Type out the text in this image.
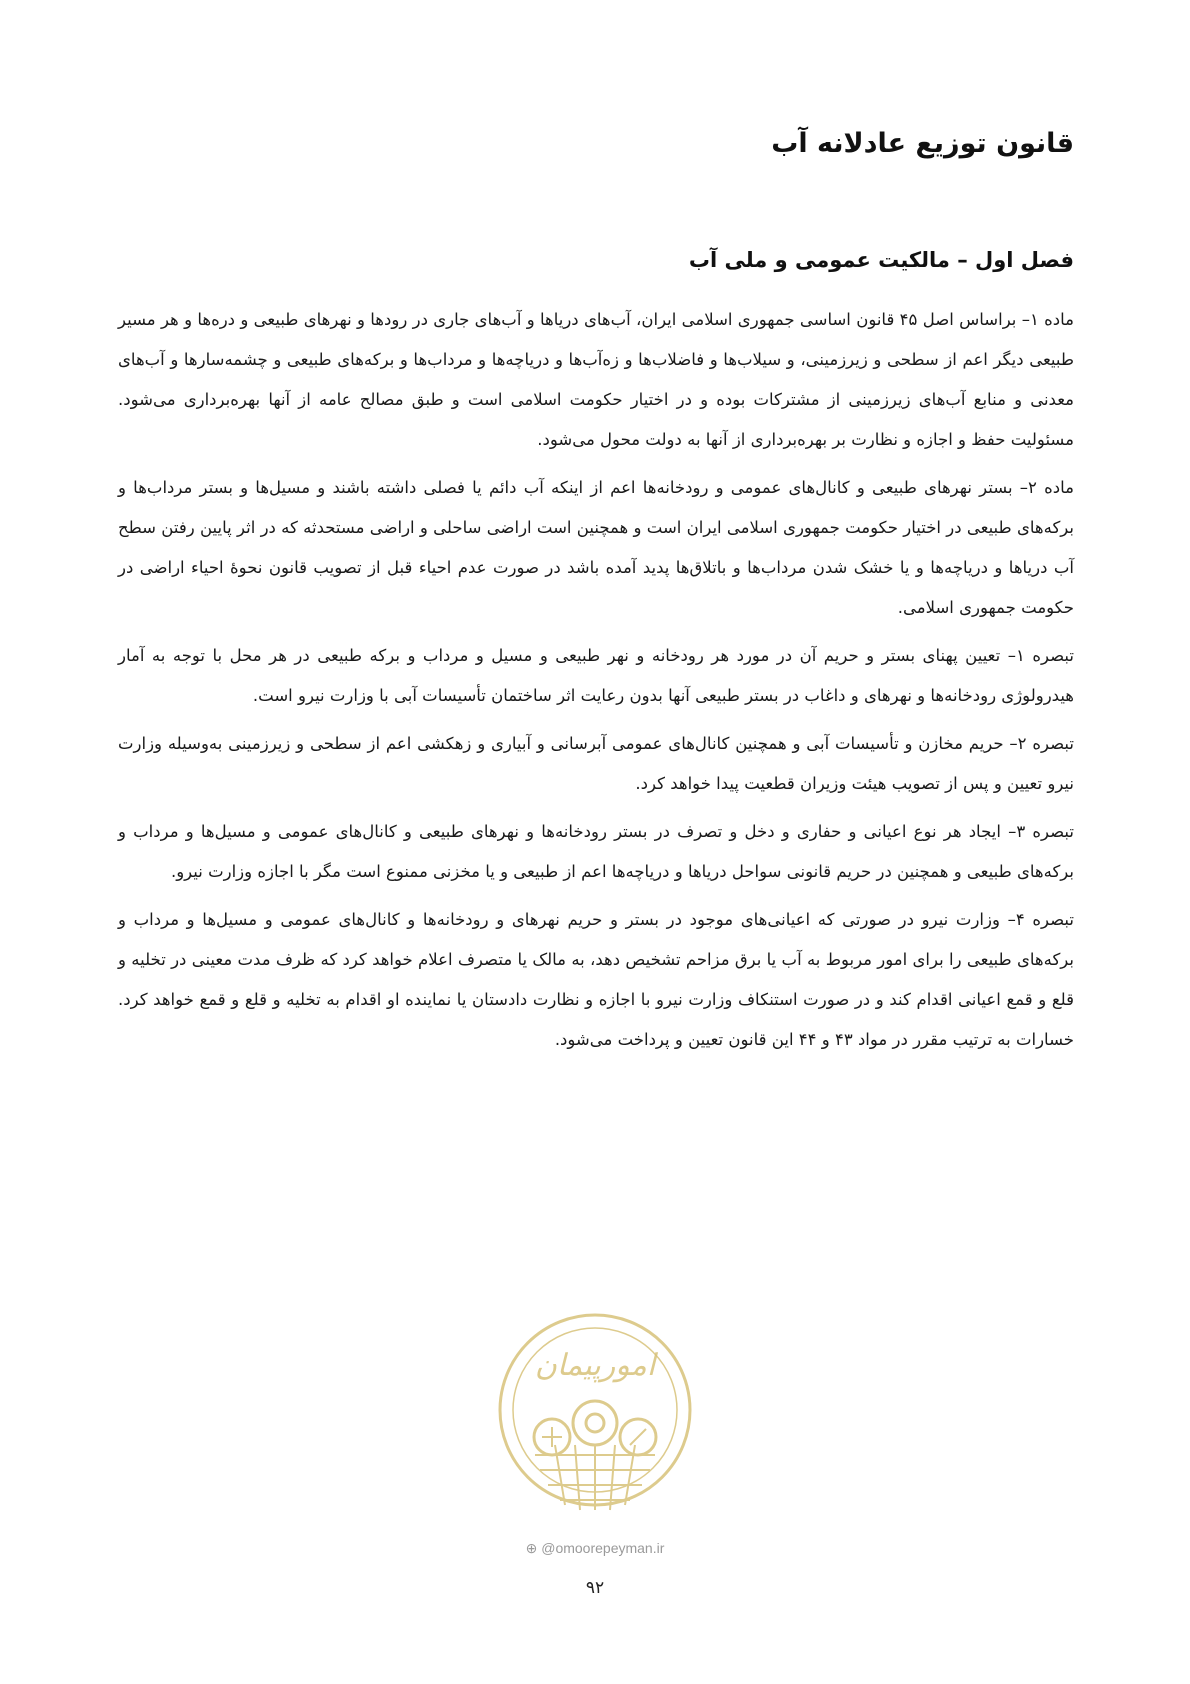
قانون توزیع عادلانه آب
فصل اول – مالکیت عمومی و ملی آب

ماده ۱– براساس اصل ۴۵ قانون اساسی جمهوری اسلامی ایران، آب‌های دریاها و آب‌های جاری در رودها و نهرهای طبیعی و دره‌ها و هر مسیر طبیعی دیگر اعم از سطحی و زیرزمینی، و سیلاب‌ها و فاضلاب‌ها و زه‌آب‌ها و دریاچه‌ها و مرداب‌ها و برکه‌های طبیعی و چشمه‌سارها و آب‌های معدنی و منابع آب‌های زیرزمینی از مشترکات بوده و در اختیار حکومت اسلامی است و طبق مصالح عامه از آنها بهره‌برداری می‌شود. مسئولیت حفظ و اجازه و نظارت بر بهره‌برداری از آنها به دولت محول می‌شود.

ماده ۲– بستر نهرهای طبیعی و کانال‌های عمومی و رودخانه‌ها اعم از اینکه آب دائم یا فصلی داشته باشند و مسیل‌ها و بستر مرداب‌ها و برکه‌های طبیعی در اختیار حکومت جمهوری اسلامی ایران است و همچنین است اراضی ساحلی و اراضی مستحدثه که در اثر پایین رفتن سطح آب دریاها و دریاچه‌ها و یا خشک شدن مرداب‌ها و باتلاق‌ها پدید آمده باشد در صورت عدم احیاء قبل از تصویب قانون نحوهٔ احیاء اراضی در حکومت جمهوری اسلامی.

تبصره ۱– تعیین پهنای بستر و حریم آن در مورد هر رودخانه و نهر طبیعی و مسیل و مرداب و برکه طبیعی در هر محل با توجه به آمار هیدرولوژی رودخانه‌ها و نهرهای و داغاب در بستر طبیعی آنها بدون رعایت اثر ساختمان تأسیسات آبی با وزارت نیرو است.

تبصره ۲– حریم مخازن و تأسیسات آبی و همچنین کانال‌های عمومی آبرسانی و آبیاری و زهکشی اعم از سطحی و زیرزمینی به‌وسیله وزارت نیرو تعیین و پس از تصویب هیئت وزیران قطعیت پیدا خواهد کرد.

تبصره ۳– ایجاد هر نوع اعیانی و حفاری و دخل و تصرف در بستر رودخانه‌ها و نهرهای طبیعی و کانال‌های عمومی و مسیل‌ها و مرداب و برکه‌های طبیعی و همچنین در حریم قانونی سواحل دریاها و دریاچه‌ها اعم از طبیعی و یا مخزنی ممنوع است مگر با اجازه وزارت نیرو.

تبصره ۴– وزارت نیرو در صورتی که اعیانی‌های موجود در بستر و حریم نهرهای و رودخانه‌ها و کانال‌های عمومی و مسیل‌ها و مرداب و برکه‌های طبیعی را برای امور مربوط به آب یا برق مزاحم تشخیص دهد، به مالک یا متصرف اعلام خواهد کرد که ظرف مدت معینی در تخلیه و قلع و قمع اعیانی اقدام کند و در صورت استنکاف وزارت نیرو با اجازه و نظارت دادستان یا نماینده او اقدام به تخلیه و قلع و قمع خواهد کرد. خسارات به ترتیب مقرر در مواد ۴۳ و ۴۴ این قانون تعیین و پرداخت می‌شود.

امورپیمان
⊕ @omoorepeyman.ir
۹۲
